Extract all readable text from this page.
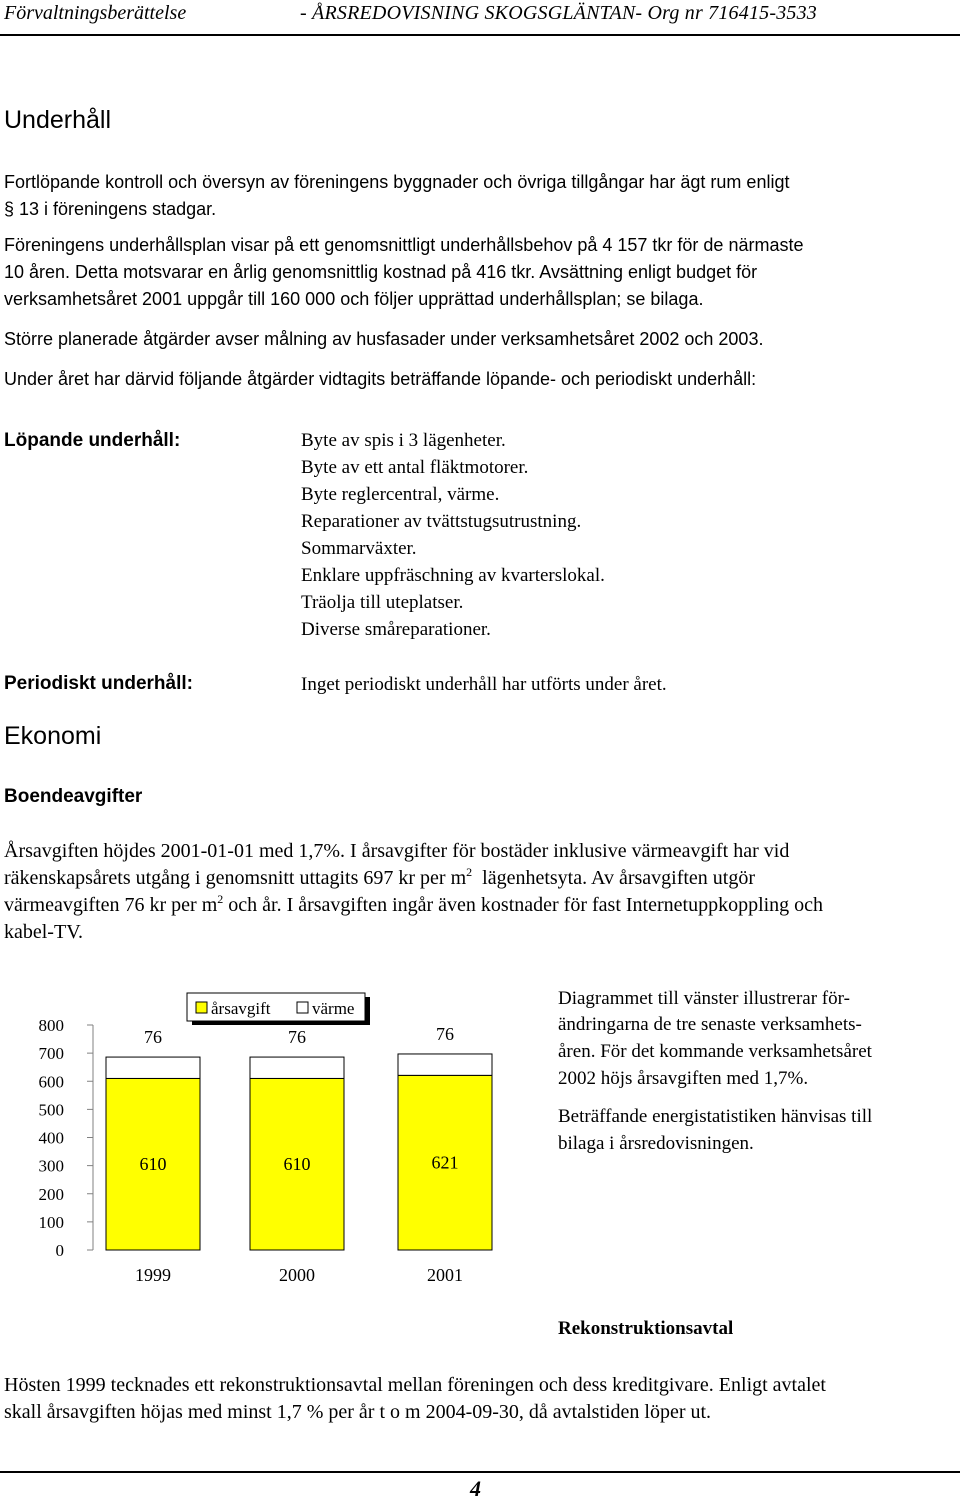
Förvaltningsberättelse	- ÅRSREDOVISNING SKOGSGLÄNTAN- Org nr 716415-3533
Underhåll
Fortlöpande kontroll och översyn av föreningens byggnader och övriga tillgångar har ägt rum enligt
§ 13 i föreningens stadgar.
Föreningens underhållsplan visar på ett genomsnittligt underhållsbehov på 4 157 tkr för de närmaste
10 åren. Detta motsvarar en årlig genomsnittlig kostnad på 416 tkr. Avsättning enligt budget för
verksamhetsåret 2001 uppgår till 160 000 och följer upprättad underhållsplan; se bilaga.
Större planerade åtgärder avser målning av husfasader under verksamhetsåret 2002 och 2003.
Under året har därvid följande åtgärder vidtagits beträffande löpande- och periodiskt underhåll:
Löpande underhåll:	Byte av spis i 3 lägenheter.
Byte av ett antal fläktmotorer.
Byte reglercentral, värme.
Reparationer av tvättstugsutrustning.
Sommarväxter.
Enklare uppfräschning av kvarterslokal.
Träolja till uteplatser.
Diverse småreparationer.
Periodiskt underhåll:	Inget periodiskt underhåll har utförts under året.
Ekonomi
Boendeavgifter
Årsavgiften höjdes 2001-01-01 med 1,7%. I årsavgifter för bostäder inklusive värmeavgift har vid
räkenskapsårets utgång i genomsnitt uttagits 697 kr per $m^2$  lägenhetsyta. Av årsavgiften utgör
värmeavgiften 76 kr per $m^2$ och år. I årsavgiften ingår även kostnader för fast Internetuppkoppling och
kabel-TV.
0
100
200
300
400
500
600
700
800
610
76
1999
610
76
2000
621
76
2001
årsavgift värme	Diagrammet till vänster illustrerar för-
ändringarna de tre senaste verksamhets-
åren. För det kommande verksamhetsåret
2002 höjs årsavgiften med 1,7%.
Beträffande energistatistiken hänvisas till
bilaga i årsredovisningen.
Rekonstruktionsavtal
Hösten 1999 tecknades ett rekonstruktionsavtal mellan föreningen och dess kreditgivare. Enligt avtalet
skall årsavgiften höjas med minst 1,7 % per år t o m 2004-09-30, då avtalstiden löper ut.
4
